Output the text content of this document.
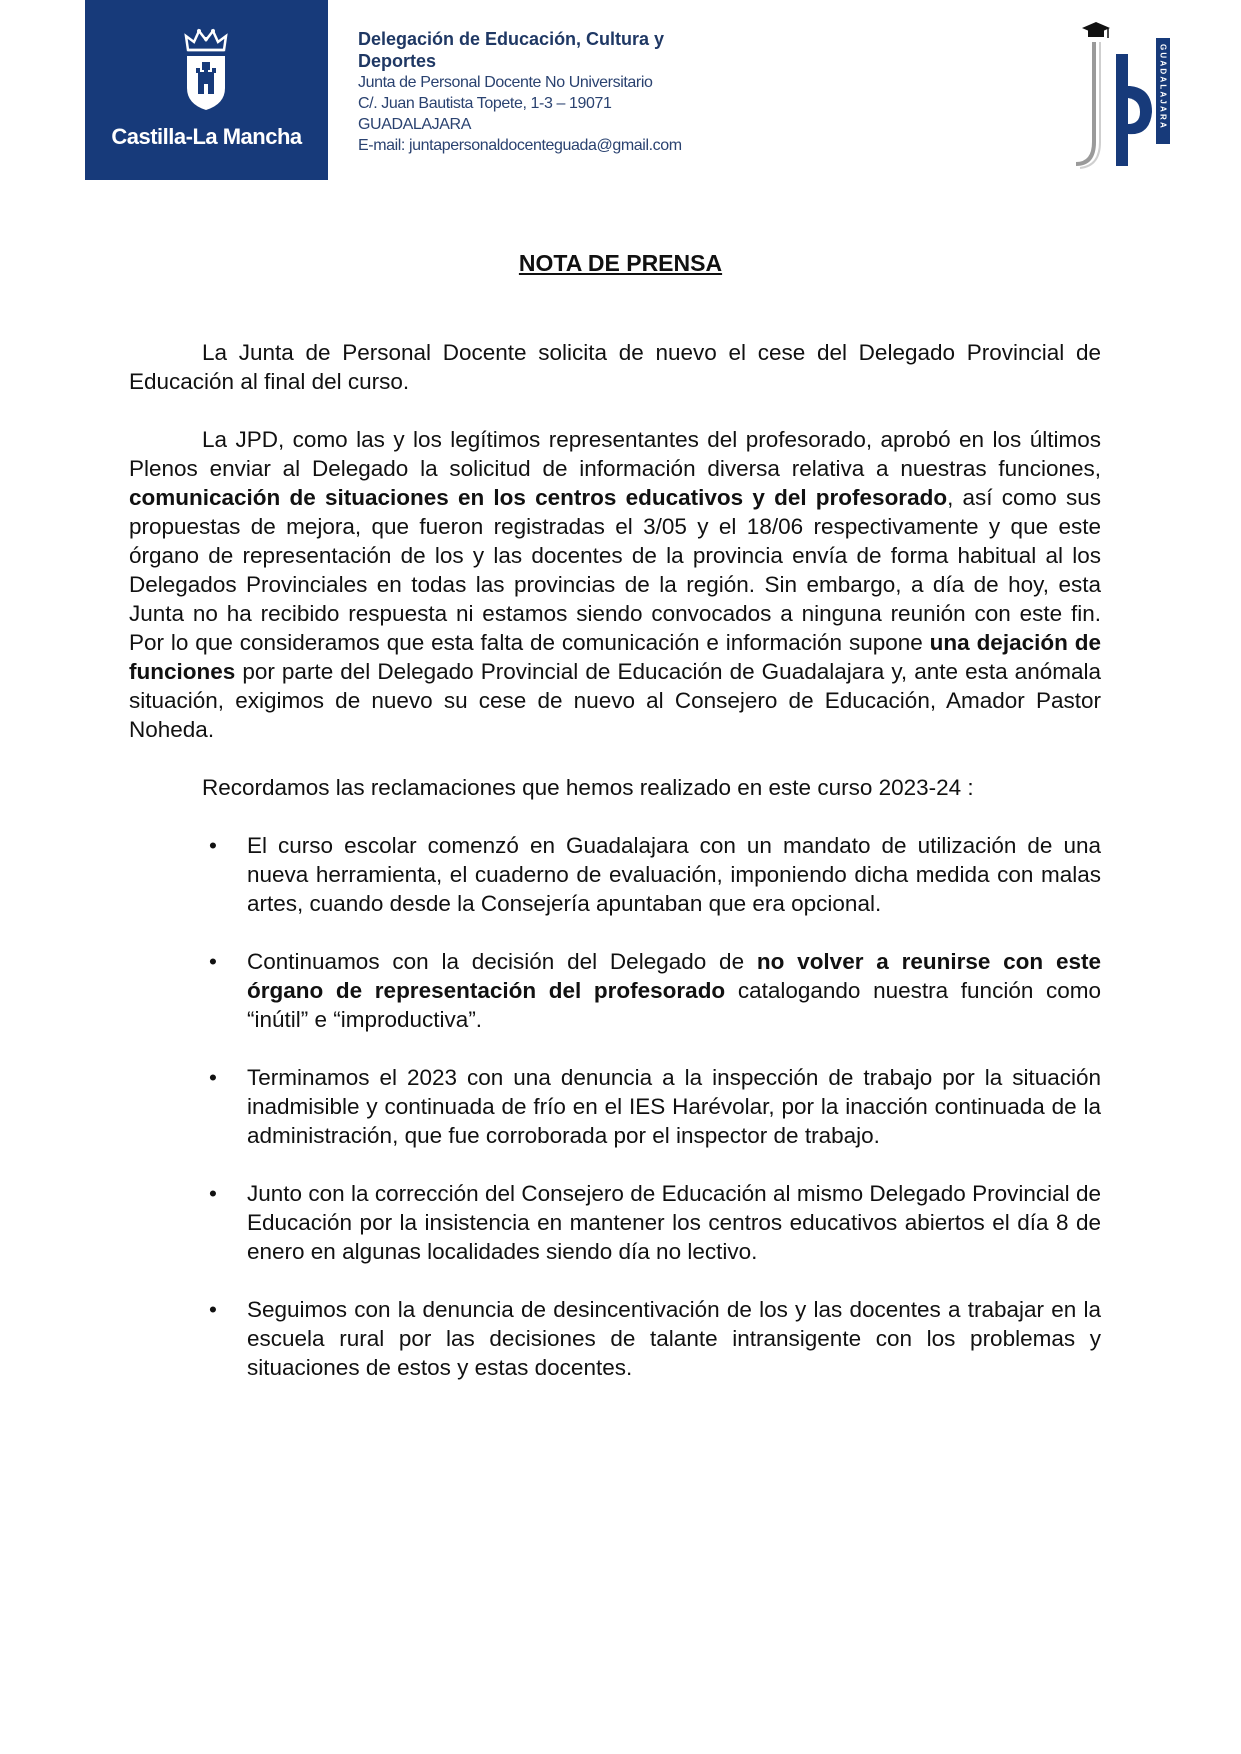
Castilla-La Mancha
Delegación de Educación, Cultura y Deportes
Junta de Personal Docente No Universitario
C/. Juan Bautista Topete, 1-3 – 19071
GUADALAJARA
E-mail: juntapersonaldocenteguada@gmail.com
GUADALAJARA
NOTA DE PRENSA

La Junta de Personal Docente solicita de nuevo el cese del Delegado Provincial de Educación al final del curso.

La JPD, como las y los legítimos representantes del profesorado, aprobó en los últimos Plenos enviar al Delegado la solicitud de información diversa relativa a nuestras funciones, comunicación de situaciones en los centros educativos y del profesorado, así como sus propuestas de mejora, que fueron registradas el 3/05 y el 18/06 respectivamente y que este órgano de representación de los y las docentes de la provincia envía de forma habitual al los Delegados Provinciales en todas las provincias de la región. Sin embargo, a día de hoy, esta Junta no ha recibido respuesta ni estamos siendo convocados a ninguna reunión con este fin. Por lo que consideramos que esta falta de comunicación e información supone una dejación de funciones por parte del Delegado Provincial de Educación de Guadalajara y, ante esta anómala situación, exigimos de nuevo su cese de nuevo al Consejero de Educación, Amador Pastor Noheda.

Recordamos las reclamaciones que hemos realizado en este curso 2023-24 :

• El curso escolar comenzó en Guadalajara con un mandato de utilización de una nueva herramienta, el cuaderno de evaluación, imponiendo dicha medida con malas artes, cuando desde la Consejería apuntaban que era opcional.
• Continuamos con la decisión del Delegado de no volver a reunirse con este órgano de representación del profesorado catalogando nuestra función como “inútil” e “improductiva”.
• Terminamos el 2023 con una denuncia a la inspección de trabajo por la situación inadmisible y continuada de frío en el IES Harévolar, por la inacción continuada de la administración, que fue corroborada por el inspector de trabajo.
• Junto con la corrección del Consejero de Educación al mismo Delegado Provincial de Educación por la insistencia en mantener los centros educativos abiertos el día 8 de enero en algunas localidades siendo día no lectivo.
• Seguimos con la denuncia de desincentivación de los y las docentes a trabajar en la escuela rural por las decisiones de talante intransigente con los problemas y situaciones de estos y estas docentes.
